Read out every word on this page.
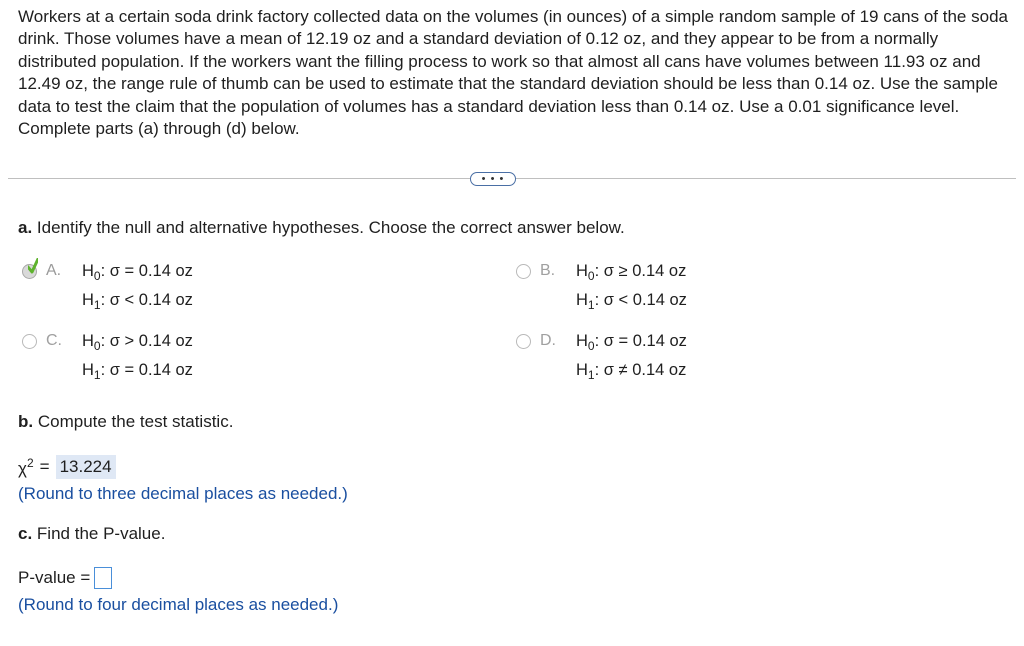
Workers at a certain soda drink factory collected data on the volumes (in ounces) of a simple random sample of 19 cans of the soda drink. Those volumes have a mean of 12.19 oz and a standard deviation of 0.12 oz, and they appear to be from a normally distributed population. If the workers want the filling process to work so that almost all cans have volumes between 11.93 oz and 12.49 oz, the range rule of thumb can be used to estimate that the standard deviation should be less than 0.14 oz. Use the sample data to test the claim that the population of volumes has a standard deviation less than 0.14 oz. Use a 0.01 significance level. Complete parts (a) through (d) below.

• • •
a. Identify the null and alternative hypotheses. Choose the correct answer below.
A. $H_0$: σ = 0.14 oz
$H_1$: σ < 0.14 oz
B. $H_0$: σ ≥ 0.14 oz
$H_1$: σ < 0.14 oz
C. $H_0$: σ > 0.14 oz
$H_1$: σ = 0.14 oz
D. $H_0$: σ = 0.14 oz
$H_1$: σ ≠ 0.14 oz
b. Compute the test statistic.
$\chi^2 = 13.224$
(Round to three decimal places as needed.)
c. Find the P-value.
P-value =
(Round to four decimal places as needed.)
